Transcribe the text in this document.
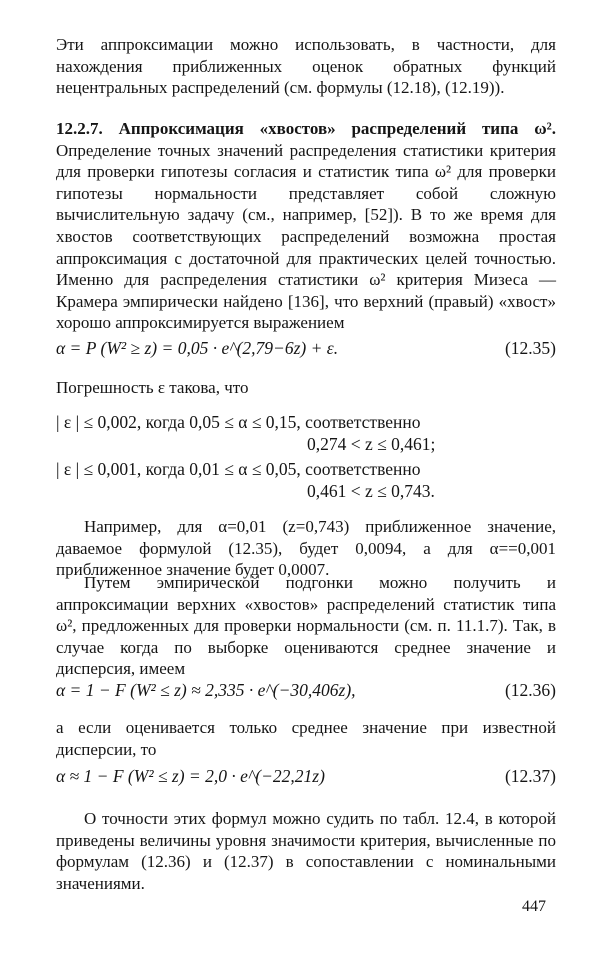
Эти аппроксимации можно использовать, в частности, для нахождения приближенных оценок обратных функций нецентральных распределений (см. формулы (12.18), (12.19)).

12.2.7. Аппроксимация «хвостов» распределений типа ω². Определение точных значений распределения статистики критерия для проверки гипотезы согласия и статистик типа ω² для проверки гипотезы нормальности представляет собой сложную вычислительную задачу (см., например, [52]). В то же время для хвостов соответствующих распределений возможна простая аппроксимация с достаточной для практических целей точностью. Именно для распределения статистики ω² критерия Мизеса — Крамера эмпирически найдено [136], что верхний (правый) «хвост» хорошо аппроксимируется выражением
α = P (W² ≥ z) = 0,05 · e^(2,79−6z) + ε.	(12.35)

Погрешность ε такова, что

| ε | ≤ 0,002, когда 0,05 ≤ α ≤ 0,15, соответственно
0,274 < z ≤ 0,461;
| ε | ≤ 0,001, когда 0,01 ≤ α ≤ 0,05, соответственно
0,461 < z ≤ 0,743.

Например, для α=0,01 (z=0,743) приближенное значение, даваемое формулой (12.35), будет 0,0094, а для α==0,001 приближенное значение будет 0,0007.

Путем эмпирической подгонки можно получить и аппроксимации верхних «хвостов» распределений статистик типа ω², предложенных для проверки нормальности (см. п. 11.1.7). Так, в случае когда по выборке оцениваются среднее значение и дисперсия, имеем

α = 1 − F (W² ≤ z) ≈ 2,335 · e^(−30,406z),	(12.36)

а если оценивается только среднее значение при известной дисперсии, то

α ≈ 1 − F (W² ≤ z) = 2,0 · e^(−22,21z)	(12.37)

О точности этих формул можно судить по табл. 12.4, в которой приведены величины уровня значимости критерия, вычисленные по формулам (12.36) и (12.37) в сопоставлении с номинальными значениями.

447
